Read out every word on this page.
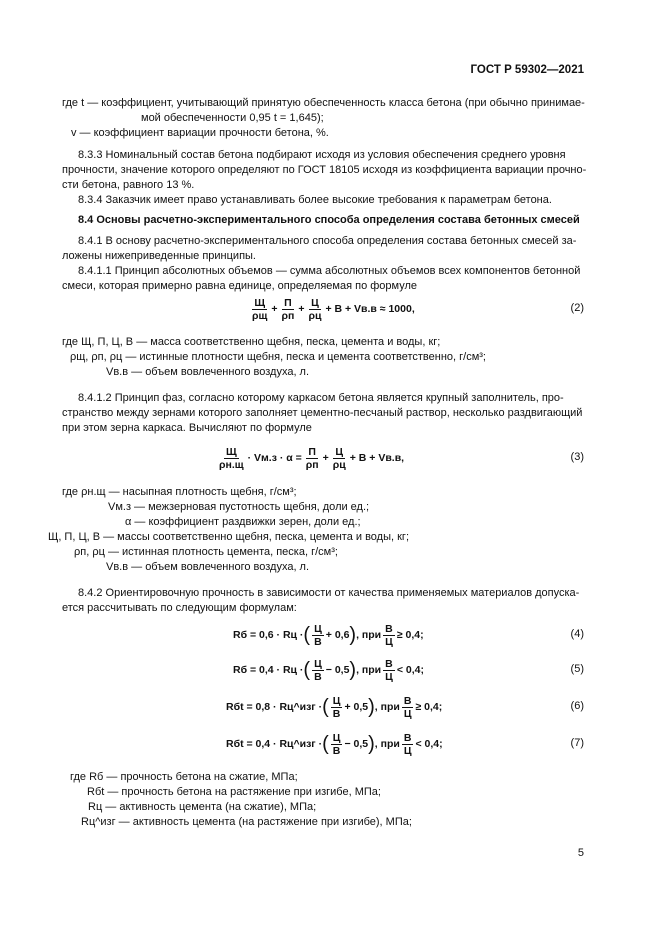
ГОСТ Р 59302—2021
где t — коэффициент, учитывающий принятую обеспеченность класса бетона (при обычно принимае-
мой обеспеченности 0,95 t = 1,645);
v — коэффициент вариации прочности бетона, %.
8.3.3 Номинальный состав бетона подбирают исходя из условия обеспечения среднего уровня
прочности, значение которого определяют по ГОСТ 18105 исходя из коэффициента вариации прочно-
сти бетона, равного 13 %.
8.3.4 Заказчик имеет право устанавливать более высокие требования к параметрам бетона.
8.4 Основы расчетно-экспериментального способа определения состава бетонных смесей
8.4.1 В основу расчетно-экспериментального способа определения состава бетонных смесей за-
ложены нижеприведенные принципы.
8.4.1.1 Принцип абсолютных объемов — сумма абсолютных объемов всех компонентов бетонной
смеси, которая примерно равна единице, определяемая по формуле
$\frac{Щ}{\rho щ} + \frac{П}{\rho п} + \frac{Ц}{\rho ц} + В + Vв.в \approx 1000$,	(2)
где Щ, П, Ц, В — масса соответственно щебня, песка, цемента и воды, кг;
ρщ, ρп, ρц — истинные плотности щебня, песка и цемента соответственно, г/см³;
Vв.в — объем вовлеченного воздуха, л.
8.4.1.2 Принцип фаз, согласно которому каркасом бетона является крупный заполнитель, про-
странство между зернами которого заполняет цементно-песчаный раствор, несколько раздвигающий
при этом зерна каркаса. Вычисляют по формуле
$\frac{Щ}{\rho н.щ} \cdot Vм.з \cdot \alpha = \frac{П}{\rho п} + \frac{Ц}{\rho ц} + В + Vв.в$,	(3)
где ρн.щ — насыпная плотность щебня, г/см³;
Vм.з — межзерновая пустотность щебня, доли ед.;
α — коэффициент раздвижки зерен, доли ед.;
Щ, П, Ц, В — массы соответственно щебня, песка, цемента и воды, кг;
ρп, ρц — истинная плотность цемента, песка, г/см³;
Vв.в — объем вовлеченного воздуха, л.
8.4.2 Ориентировочную прочность в зависимости от качества применяемых материалов допуска-
ется рассчитывать по следующим формулам:
Rб = 0,6 · Rц · ( $\frac{Ц}{В} + 0,6$ ) , при $\frac{В}{Ц} \ge 0,4$;	(4)
Rб = 0,4 · Rц · ( $\frac{Ц}{В} - 0,5$ ) , при $\frac{В}{Ц} < 0,4$;	(5)
Rбt = 0,8 · Rц^изг · ( $\frac{Ц}{В} + 0,5$ ) , при $\frac{В}{Ц} \ge 0,4$;	(6)
Rбt = 0,4 · Rц^изг · ( $\frac{Ц}{В} - 0,5$ ) , при $\frac{В}{Ц} < 0,4$;	(7)
где Rб — прочность бетона на сжатие, МПа;
Rбt — прочность бетона на растяжение при изгибе, МПа;
Rц — активность цемента (на сжатие), МПа;
Rц^изг — активность цемента (на растяжение при изгибе), МПа;
5
